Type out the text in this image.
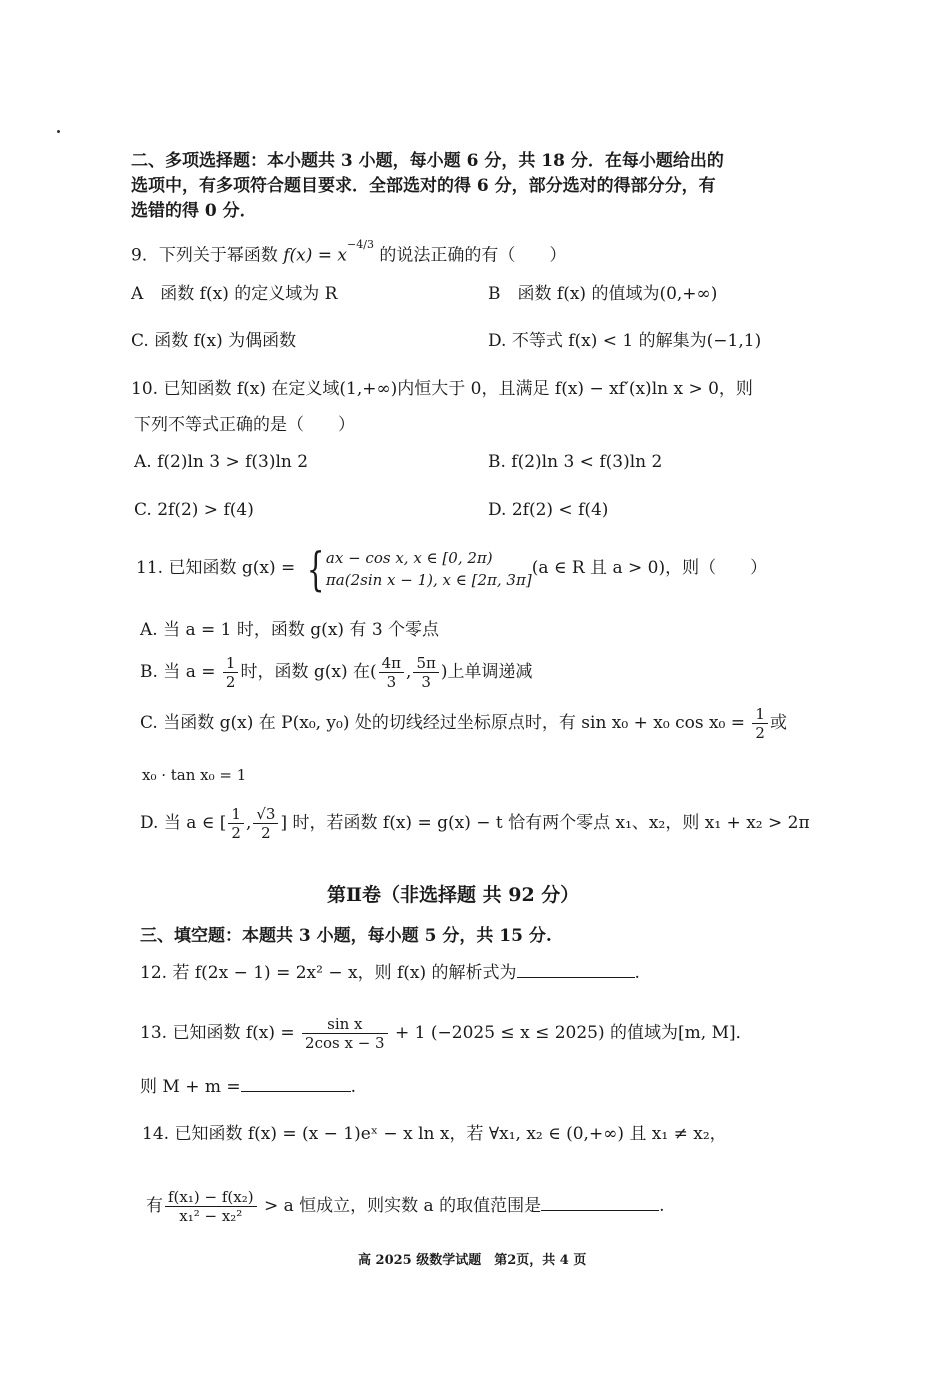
二、多项选择题：本小题共 3 小题，每小题 6 分，共 18 分．在每小题给出的
选项中，有多项符合题目要求．全部选对的得 6 分，部分选对的得部分分，有
选错的得 0 分．
9．下列关于幂函数 $f(x) = x^{-4/3}$ 的说法正确的有（　　）
A　函数 f(x) 的定义域为 R	B　函数 f(x) 的值域为(0,+∞)
C. 函数 f(x) 为偶函数	D. 不等式 f(x) < 1 的解集为(−1,1)
10. 已知函数 f(x) 在定义域(1,+∞)内恒大于 0，且满足 f(x) − xf′(x)ln x > 0，则
下列不等式正确的是（　　）
A. f(2)ln 3 > f(3)ln 2	B. f(2)ln 3 < f(3)ln 2
C. 2f(2) > f(4)	D. 2f(2) < f(4)
11. 已知函数 g(x) = { ax − cos x, x ∈ [0, 2π)
πa(2sin x − 1), x ∈ [2π, 3π]
(a ∈ R 且 a > 0)，则（　　）
A. 当 a = 1 时，函数 g(x) 有 3 个零点
B. 当 $a = \frac{1}{2}$ 时，函数 g(x) 在( $\frac{4\pi}{3}$ , $\frac{5\pi}{3}$ )上单调递减
C. 当函数 g(x) 在 P(x₀, y₀) 处的切线经过坐标原点时，有 sin x₀ + x₀ $\cos x_0 = \frac{1}{2}$ 或
x₀ · tan x₀ = 1
D. 当 a ∈ [ $\frac{1}{2}$ , $\frac{√3}{2}$ ] 时，若函数 f(x) = g(x) − t 恰有两个零点 x₁、x₂，则 x₁ + x₂ > 2π
第Ⅱ卷（非选择题 共 92 分）
三、填空题：本题共 3 小题，每小题 5 分，共 15 分.
12. 若 f(2x − 1) = 2x² − x，则 f(x) 的解析式为	.
13. 已知函数 $f(x) = \frac{\text{sin x}}{\text{2cos x − 3}} + 1$ (−2025 ≤ x ≤ 2025) 的值域为[m, M]．
则 M + m =	.
14. 已知函数 f(x) = (x − 1)eˣ − x ln x，若 ∀x₁, x₂ ∈ (0,+∞) 且 x₁ ≠ x₂，
有 $\frac{\text{f(x₁) − f(x₂)}}{\text{x₁² − x₂²}} > a$ 恒成立，则实数 a 的取值范围是	.
高 2025 级数学试题　第2页，共 4 页
